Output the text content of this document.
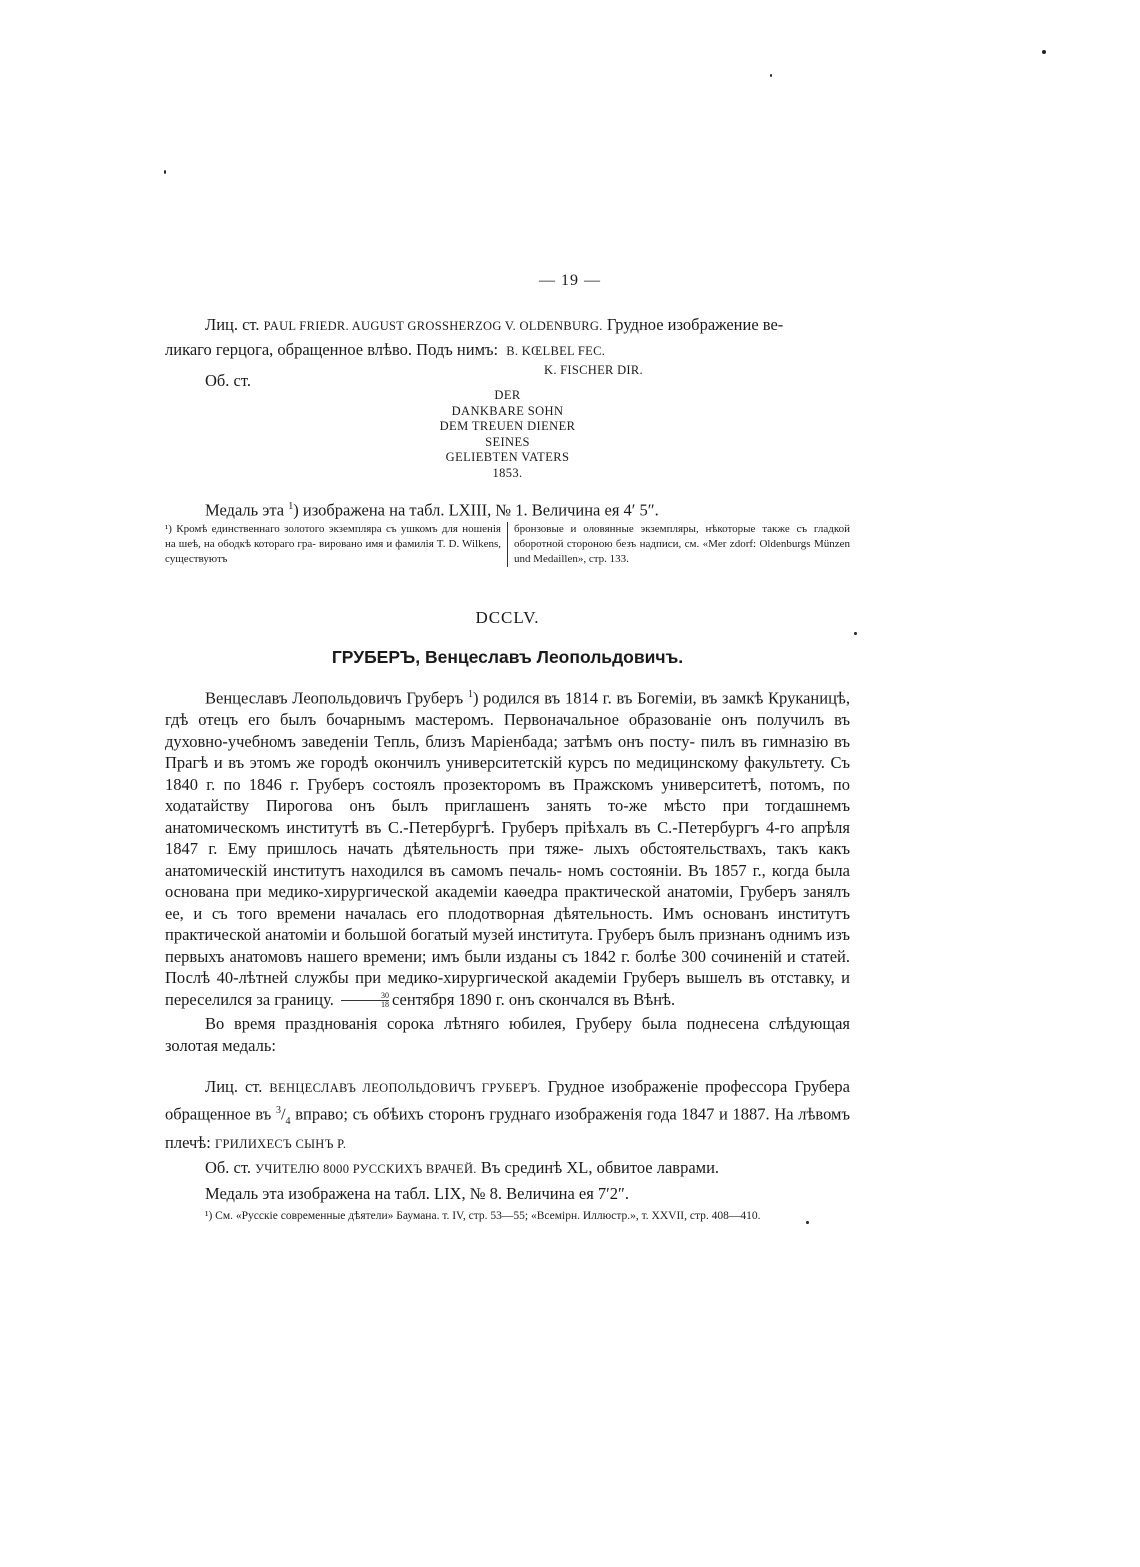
— 19 —

Лиц. ст. PAUL FRIEDR. AUGUST GROSSHERZOG V. OLDENBURG. Грудное изображение ве-

ликаго герцога, обращенное влѣво. Подъ нимъ: B. KŒLBEL FEC.

K. FISCHER DIR.

Об. ст.

DER
DANKBARE SOHN
DEM TREUEN DIENER
SEINES
GELIEBTEN VATERS
1853.

Медаль эта $^1$) изображена на табл. LXIII, № 1. Величина ея 4′ 5″.

¹) Кромѣ единственнаго золотого экземпляра съ ушкомъ для ношенія на шеѣ, на ободкѣ котораго гра- вировано имя и фамилія T. D. Wilkens, существуютъ
бронзовые и оловянные экземпляры, нѣкоторые также съ гладкой оборотной стороною безъ надписи, см. «Mer zdorf: Oldenburgs Münzen und Medaillen», стр. 133.
DCCLV.
ГРУБЕРЪ, Венцеславъ Леопольдовичъ.

Венцеславъ Леопольдовичъ Груберъ $^1$) родился въ 1814 г. въ Богеміи, въ замкѣ Круканицѣ, гдѣ отецъ его былъ бочарнымъ мастеромъ. Первоначальное образованіе онъ получилъ въ духовно-учебномъ заведеніи Тепль, близъ Маріенбада; затѣмъ онъ посту- пилъ въ гимназію въ Прагѣ и въ этомъ же городѣ окончилъ университетскій курсъ по медицинскому факультету. Съ 1840 г. по 1846 г. Груберъ состоялъ прозекторомъ въ Пражскомъ университетѣ, потомъ, по ходатайству Пирогова онъ былъ приглашенъ занять то-же мѣсто при тогдашнемъ анатомическомъ институтѣ въ С.-Петербургѣ. Груберъ пріѣхалъ въ С.-Петербургъ 4-го апрѣля 1847 г. Ему пришлось начать дѣятельность при тяже- лыхъ обстоятельствахъ, такъ какъ анатомическій институтъ находился въ самомъ печаль- номъ состояніи. Въ 1857 г., когда была основана при медико-хирургической академіи каѳедра практической анатоміи, Груберъ занялъ ее, и съ того времени началась его плодотворная дѣятельность. Имъ основанъ институтъ практической анатоміи и большой богатый музей института. Груберъ былъ признанъ однимъ изъ первыхъ анатомовъ нашего времени; имъ были изданы съ 1842 г. болѣе 300 сочиненій и статей. Послѣ 40-лѣтней службы при медико-хирургической академіи Груберъ вышелъ въ отставку, и переселился за границу. $\frac{30}{18}$ сентября 1890 г. онъ скончался въ Вѣнѣ.

Во время празднованія сорока лѣтняго юбилея, Груберу была поднесена слѣдующая золотая медаль:

Лиц. ст. ВЕНЦЕСЛАВЪ ЛЕОПОЛЬДОВИЧЪ ГРУБЕРЪ. Грудное изображеніе профессора Грубера обращенное въ $^3/_4$ вправо; съ обѣихъ сторонъ груднаго изображенія года 1847 и 1887. На лѣвомъ плечѣ: ГРИЛИХЕСЪ СЫНЪ Р.

Об. ст. УЧИТЕЛЮ 8000 РУССКИХЪ ВРАЧЕЙ. Въ срединѣ XL, обвитое лаврами.

Медаль эта изображена на табл. LIX, № 8. Величина ея 7′2″.

¹) См. «Русскіе современные дѣятели» Баумана. т. IV, стр. 53—55; «Всемірн. Иллюстр.», т. XXVII, стр. 408—410.
